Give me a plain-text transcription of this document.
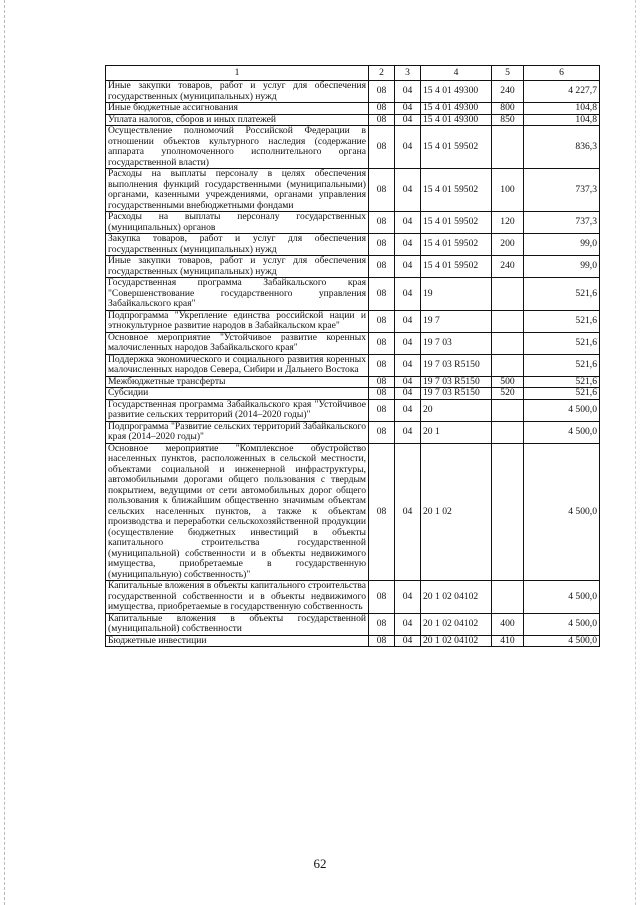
1	2	3	4	5	6
Иные закупки товаров, работ и услуг для обеспечения государственных (муниципальных) нужд	08	04	15 4 01 49300	240	4 227,7
Иные бюджетные ассигнования	08	04	15 4 01 49300	800	104,8
Уплата налогов, сборов и иных платежей	08	04	15 4 01 49300	850	104,8
Осуществление полномочий Российской Федерации в отношении объектов культурного наследия (содержание аппарата уполномоченного исполнительного органа государственной власти)	08	04	15 4 01 59502		836,3
Расходы на выплаты персоналу в целях обеспечения выполнения функций государственными (муниципальными) органами, казенными учреждениями, органами управления государственными внебюджетными фондами	08	04	15 4 01 59502	100	737,3
Расходы на выплаты персоналу государственных (муниципальных) органов	08	04	15 4 01 59502	120	737,3
Закупка товаров, работ и услуг для обеспечения государственных (муниципальных) нужд	08	04	15 4 01 59502	200	99,0
Иные закупки товаров, работ и услуг для обеспечения государственных (муниципальных) нужд	08	04	15 4 01 59502	240	99,0
Государственная программа Забайкальского края "Совершенствование государственного управления Забайкальского края"	08	04	19		521,6
Подпрограмма "Укрепление единства российской нации и этнокультурное развитие народов в Забайкальском крае"	08	04	19 7		521,6
Основное мероприятие "Устойчивое развитие коренных малочисленных народов Забайкальского края"	08	04	19 7 03		521,6
Поддержка экономического и социального развития коренных малочисленных народов Севера, Сибири и Дальнего Востока	08	04	19 7 03 R5150		521,6
Межбюджетные трансферты	08	04	19 7 03 R5150	500	521,6
Субсидии	08	04	19 7 03 R5150	520	521,6
Государственная программа Забайкальского края "Устойчивое развитие сельских территорий (2014–2020 годы)"	08	04	20		4 500,0
Подпрограмма "Развитие сельских территорий Забайкальского края (2014–2020 годы)"	08	04	20 1		4 500,0
Основное мероприятие "Комплексное обустройство населенных пунктов, расположенных в сельской местности, объектами социальной и инженерной инфраструктуры, автомобильными дорогами общего пользования с твердым покрытием, ведущими от сети автомобильных дорог общего пользования к ближайшим общественно значимым объектам сельских населенных пунктов, а также к объектам производства и переработки сельскохозяйственной продукции (осуществление бюджетных инвестиций в объекты капитального строительства государственной (муниципальной) собственности и в объекты недвижимого имущества, приобретаемые в государственную (муниципальную) собственность)"	08	04	20 1 02		4 500,0
Капитальные вложения в объекты капитального строительства государственной собственности и в объекты недвижимого имущества, приобретаемые в государственную собственность	08	04	20 1 02 04102		4 500,0
Капитальные вложения в объекты государственной (муниципальной) собственности	08	04	20 1 02 04102	400	4 500,0
Бюджетные инвестиции	08	04	20 1 02 04102	410	4 500,0
62
